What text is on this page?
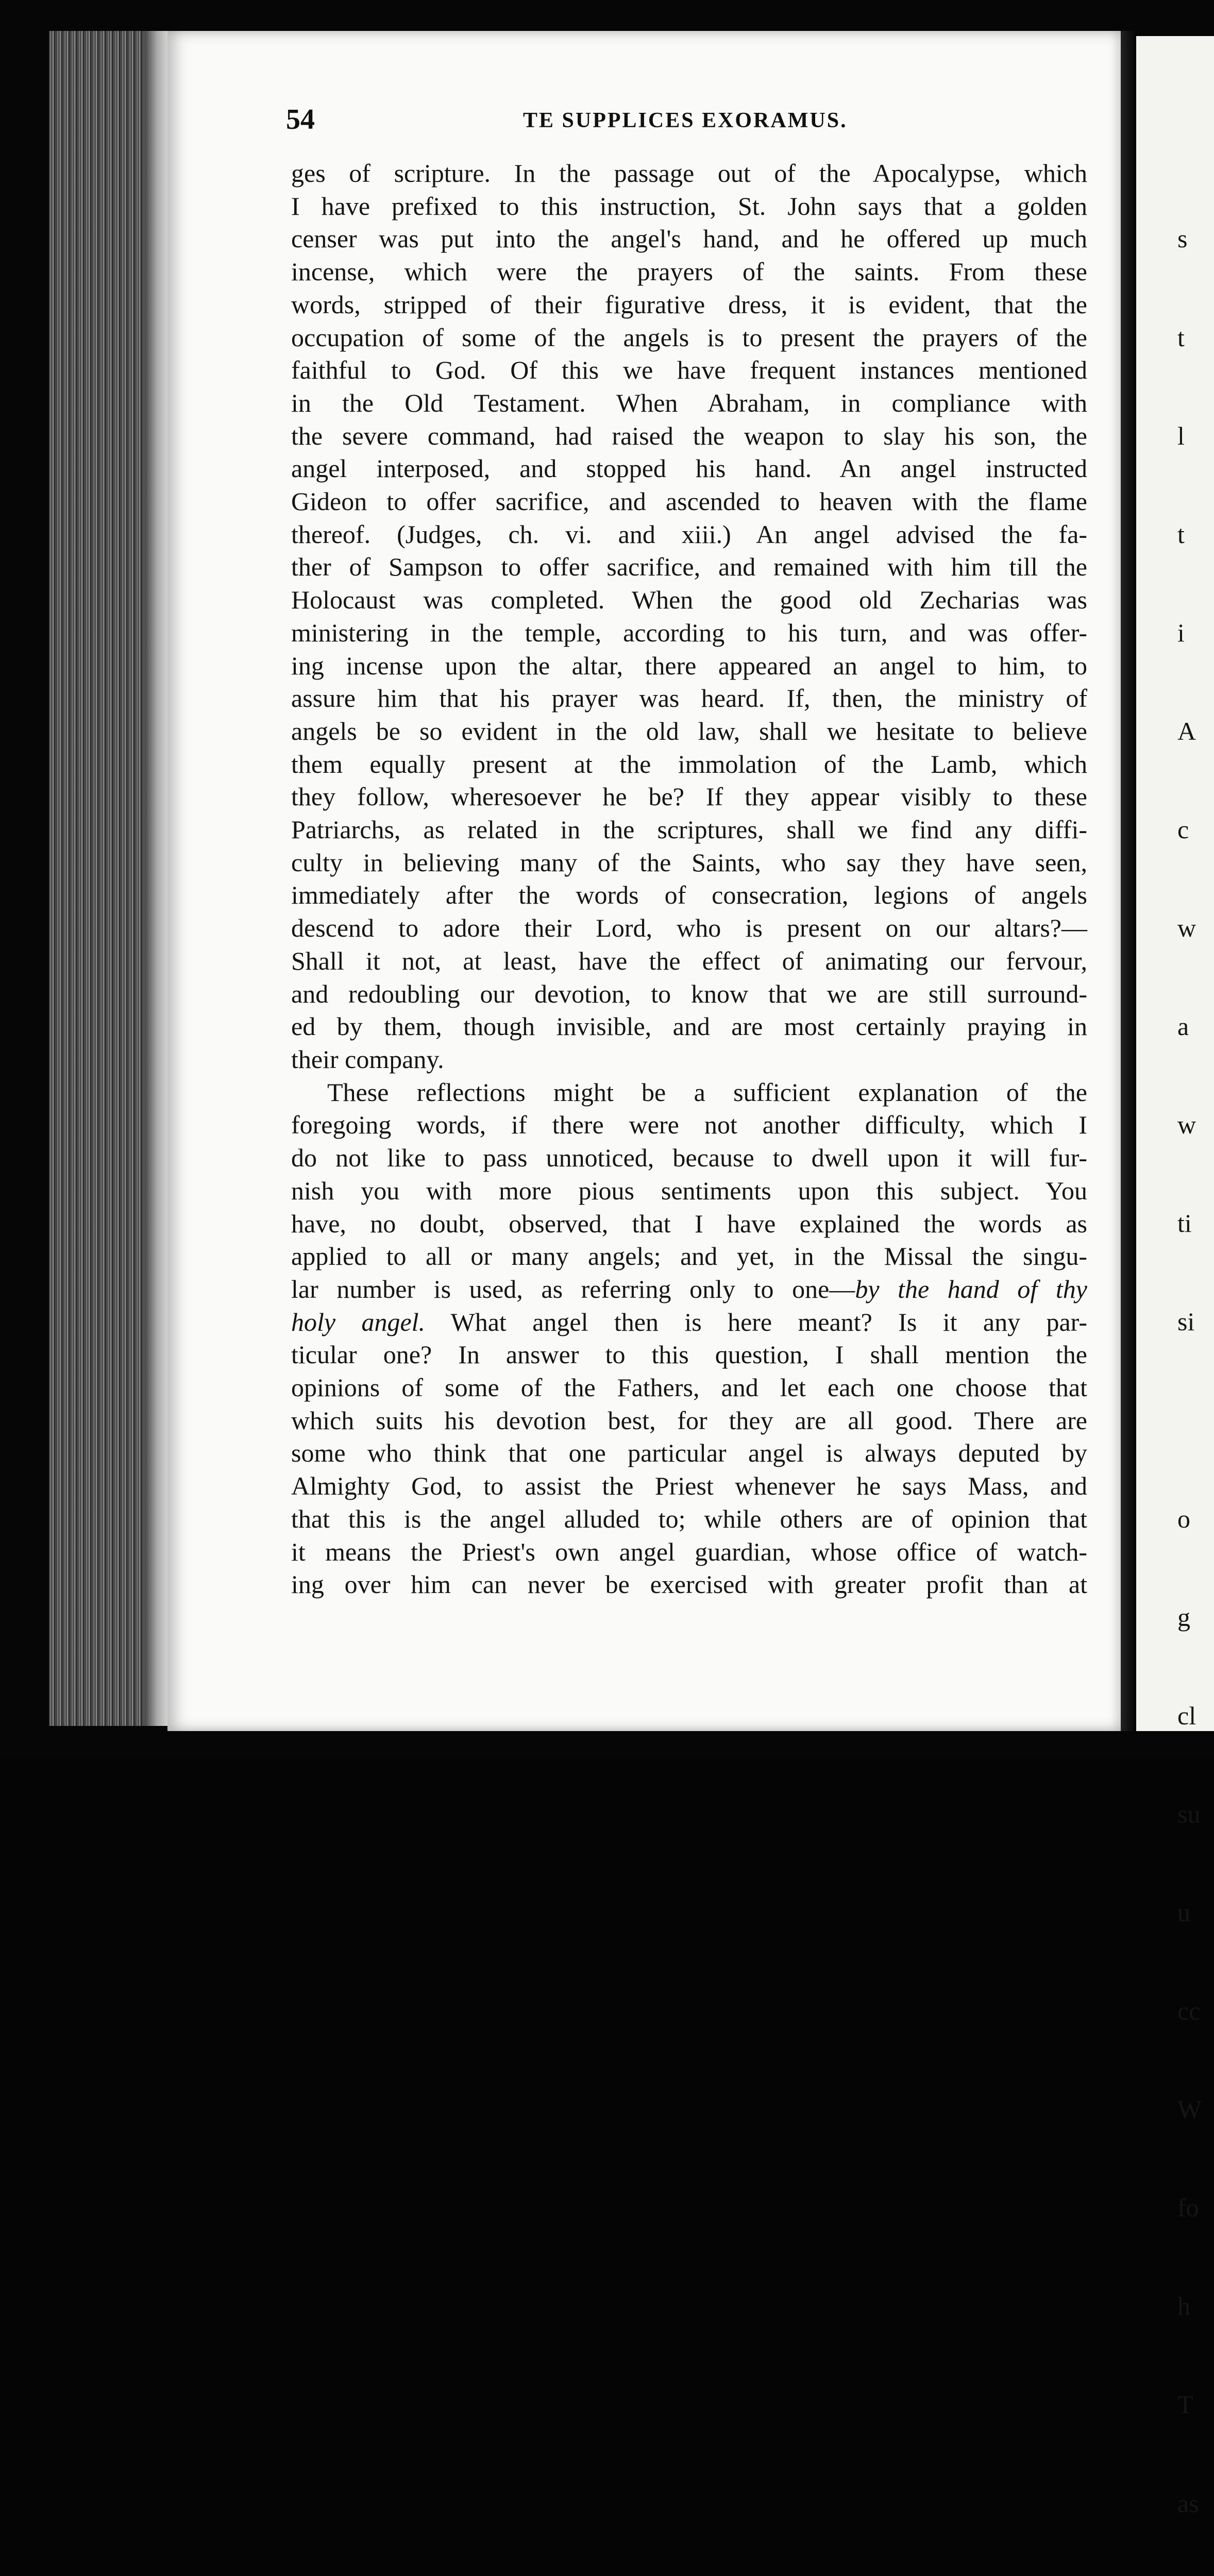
s

t

l

t

i

A

c

w

a

w

ti

si

o

g

cl

su

u

cc

W

fo

h

T

as

54	TE SUPPLICES EXORAMUS.
ges of scripture. In the passage out of the Apocalypse, which
I have prefixed to this instruction, St. John says that a golden
censer was put into the angel's hand, and he offered up much
incense, which were the prayers of the saints. From these
words, stripped of their figurative dress, it is evident, that the
occupation of some of the angels is to present the prayers of the
faithful to God. Of this we have frequent instances mentioned
in the Old Testament. When Abraham, in compliance with
the severe command, had raised the weapon to slay his son, the
angel interposed, and stopped his hand. An angel instructed
Gideon to offer sacrifice, and ascended to heaven with the flame
thereof. (Judges, ch. vi. and xiii.) An angel advised the fa-
ther of Sampson to offer sacrifice, and remained with him till the
Holocaust was completed. When the good old Zecharias was
ministering in the temple, according to his turn, and was offer-
ing incense upon the altar, there appeared an angel to him, to
assure him that his prayer was heard. If, then, the ministry of
angels be so evident in the old law, shall we hesitate to believe
them equally present at the immolation of the Lamb, which
they follow, wheresoever he be? If they appear visibly to these
Patriarchs, as related in the scriptures, shall we find any diffi-
culty in believing many of the Saints, who say they have seen,
immediately after the words of consecration, legions of angels
descend to adore their Lord, who is present on our altars?—
Shall it not, at least, have the effect of animating our fervour,
and redoubling our devotion, to know that we are still surround-
ed by them, though invisible, and are most certainly praying in
their company.
These reflections might be a sufficient explanation of the
foregoing words, if there were not another difficulty, which I
do not like to pass unnoticed, because to dwell upon it will fur-
nish you with more pious sentiments upon this subject. You
have, no doubt, observed, that I have explained the words as
applied to all or many angels; and yet, in the Missal the singu-
lar number is used, as referring only to one—by the hand of thy
holy angel. What angel then is here meant? Is it any par-
ticular one? In answer to this question, I shall mention the
opinions of some of the Fathers, and let each one choose that
which suits his devotion best, for they are all good. There are
some who think that one particular angel is always deputed by
Almighty God, to assist the Priest whenever he says Mass, and
that this is the angel alluded to; while others are of opinion that
it means the Priest's own angel guardian, whose office of watch-
ing over him can never be exercised with greater profit than at
